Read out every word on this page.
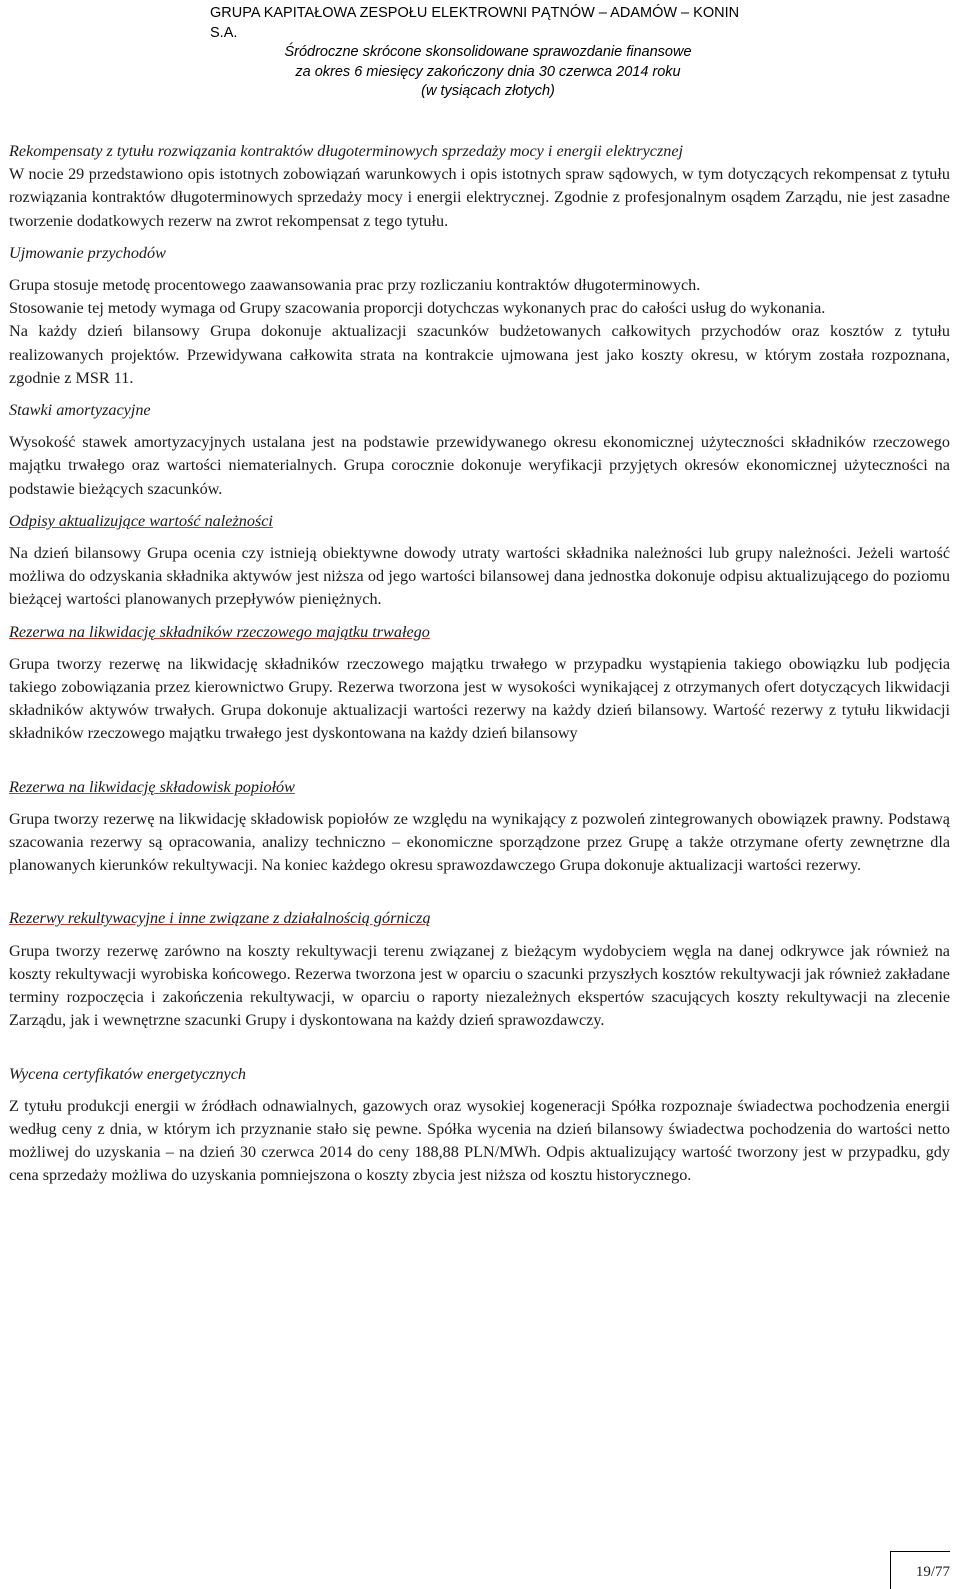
GRUPA KAPITAŁOWA ZESPOŁU ELEKTROWNI PĄTNÓW – ADAMÓW – KONIN S.A.
Śródroczne skrócone skonsolidowane sprawozdanie finansowe
za okres 6 miesięcy zakończony dnia 30 czerwca 2014 roku
(w tysiącach złotych)

Rekompensaty z tytułu rozwiązania kontraktów długoterminowych sprzedaży mocy i energii elektrycznej

W nocie 29 przedstawiono opis istotnych zobowiązań warunkowych i opis istotnych spraw sądowych, w tym dotyczących rekompensat z tytułu rozwiązania kontraktów długoterminowych sprzedaży mocy i energii elektrycznej. Zgodnie z profesjonalnym osądem Zarządu, nie jest zasadne tworzenie dodatkowych rezerw na zwrot rekompensat z tego tytułu.

Ujmowanie przychodów

Grupa stosuje metodę procentowego zaawansowania prac przy rozliczaniu kontraktów długoterminowych.

Stosowanie tej metody wymaga od Grupy szacowania proporcji dotychczas wykonanych prac do całości usług do wykonania.

Na każdy dzień bilansowy Grupa dokonuje aktualizacji szacunków budżetowanych całkowitych przychodów oraz kosztów z tytułu realizowanych projektów. Przewidywana całkowita strata na kontrakcie ujmowana jest jako koszty okresu, w którym została rozpoznana, zgodnie z MSR 11.

Stawki amortyzacyjne

Wysokość stawek amortyzacyjnych ustalana jest na podstawie przewidywanego okresu ekonomicznej użyteczności składników rzeczowego majątku trwałego oraz wartości niematerialnych. Grupa corocznie dokonuje weryfikacji przyjętych okresów ekonomicznej użyteczności na podstawie bieżących szacunków.

Odpisy aktualizujące wartość należności

Na dzień bilansowy Grupa ocenia czy istnieją obiektywne dowody utraty wartości składnika należności lub grupy należności. Jeżeli wartość możliwa do odzyskania składnika aktywów jest niższa od jego wartości bilansowej dana jednostka dokonuje odpisu aktualizującego do poziomu bieżącej wartości planowanych przepływów pieniężnych.

Rezerwa na likwidację składników rzeczowego majątku trwałego

Grupa tworzy rezerwę na likwidację składników rzeczowego majątku trwałego w przypadku wystąpienia takiego obowiązku lub podjęcia takiego zobowiązania przez kierownictwo Grupy. Rezerwa tworzona jest w wysokości wynikającej z otrzymanych ofert dotyczących likwidacji składników aktywów trwałych. Grupa dokonuje aktualizacji wartości rezerwy na każdy dzień bilansowy. Wartość rezerwy z tytułu likwidacji składników rzeczowego majątku trwałego jest dyskontowana na każdy dzień bilansowy

Rezerwa na likwidację składowisk popiołów

Grupa tworzy rezerwę na likwidację składowisk popiołów ze względu na wynikający z pozwoleń zintegrowanych obowiązek prawny. Podstawą szacowania rezerwy są opracowania, analizy techniczno – ekonomiczne sporządzone przez Grupę a także otrzymane oferty zewnętrzne dla planowanych kierunków rekultywacji. Na koniec każdego okresu sprawozdawczego Grupa dokonuje aktualizacji wartości rezerwy.

Rezerwy rekultywacyjne i inne związane z działalnością górniczą

Grupa tworzy rezerwę zarówno na koszty rekultywacji terenu związanej z bieżącym wydobyciem węgla na danej odkrywce jak również na koszty rekultywacji wyrobiska końcowego. Rezerwa tworzona jest w oparciu o szacunki przyszłych kosztów rekultywacji jak również zakładane terminy rozpoczęcia i zakończenia rekultywacji, w oparciu o raporty niezależnych ekspertów szacujących koszty rekultywacji na zlecenie Zarządu, jak i wewnętrzne szacunki Grupy i dyskontowana na każdy dzień sprawozdawczy.

Wycena certyfikatów energetycznych

Z tytułu produkcji energii w źródłach odnawialnych, gazowych oraz wysokiej kogeneracji Spółka rozpoznaje świadectwa pochodzenia energii według ceny z dnia, w którym ich przyznanie stało się pewne. Spółka wycenia na dzień bilansowy świadectwa pochodzenia do wartości netto możliwej do uzyskania – na dzień 30 czerwca 2014 do ceny 188,88 PLN/MWh. Odpis aktualizujący wartość tworzony jest w przypadku, gdy cena sprzedaży możliwa do uzyskania pomniejszona o koszty zbycia jest niższa od kosztu historycznego.

19/77
